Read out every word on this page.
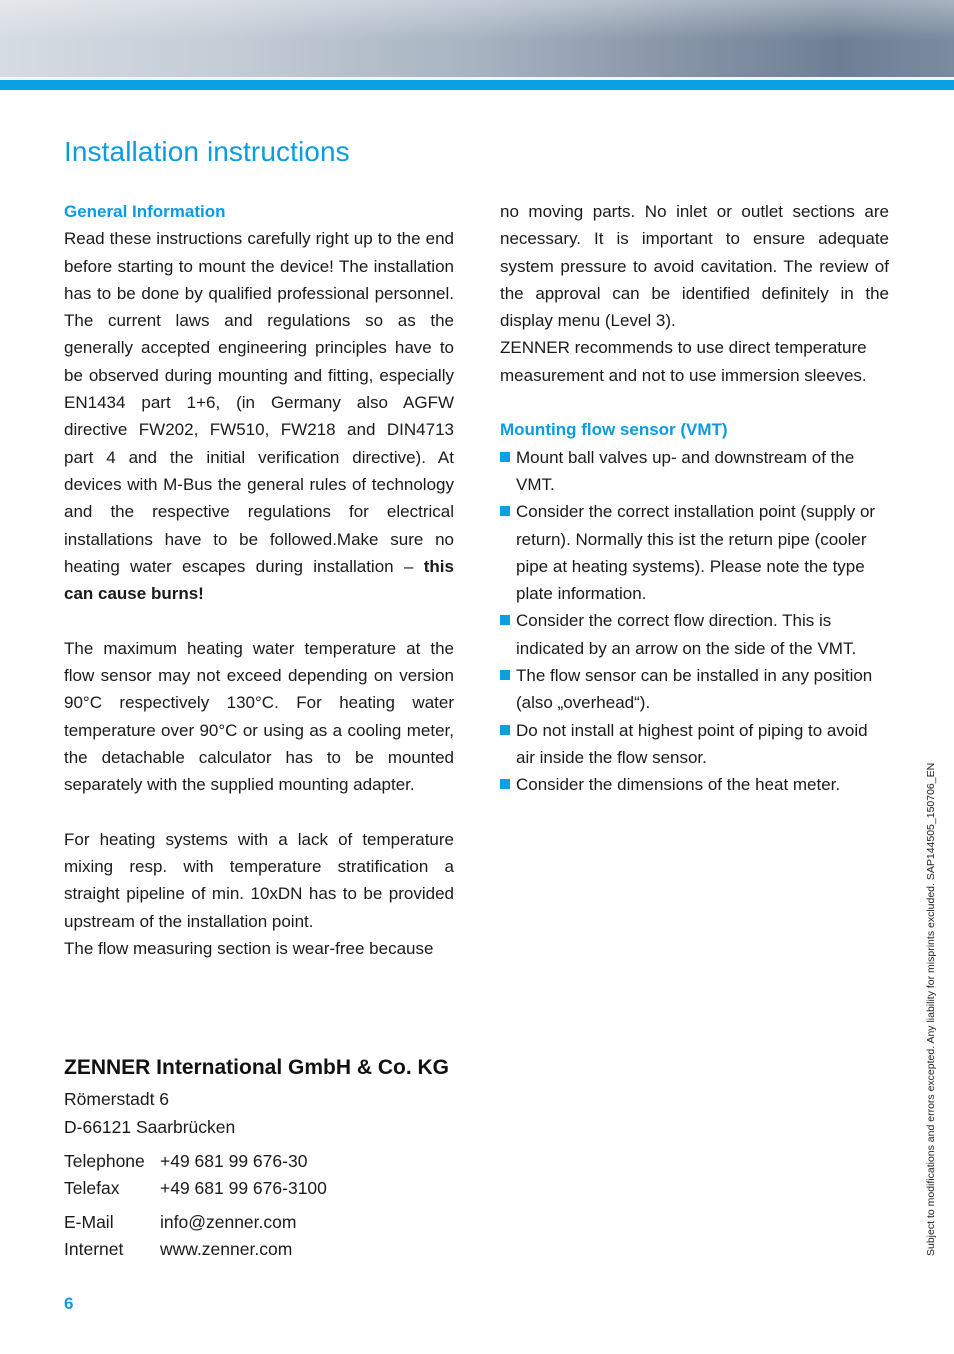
Installation instructions
General Information

Read these instructions carefully right up to the end before starting to mount the device! The installation has to be done by qualified professional personnel. The current laws and regulations so as the generally accepted engineering principles have to be observed during mounting and fitting, especially EN1434 part 1+6, (in Germany also AGFW directive FW202, FW510, FW218 and DIN4713 part 4 and the initial verification directive). At devices with M-Bus the general rules of technology and the respective regulations for electrical installations have to be followed.Make sure no heating water escapes during installation – this can cause burns!

The maximum heating water temperature at the flow sensor may not exceed depending on version 90°C respectively 130°C. For heating water temperature over 90°C or using as a cooling meter, the detachable calculator has to be mounted separately with the supplied mounting adapter.

For heating systems with a lack of temperature mixing resp. with temperature stratification a straight pipeline of min. 10xDN has to be provided upstream of the installation point.

The flow measuring section is wear-free because

no moving parts. No inlet or outlet sections are necessary. It is important to ensure adequate system pressure to avoid cavitation. The review of the approval can be identified definitely in the display menu (Level 3).

ZENNER recommends to use direct temperature measurement and not to use immersion sleeves.

Mounting flow sensor (VMT)
Mount ball valves up- and downstream of the VMT.
Consider the correct installation point (supply or return). Normally this ist the return pipe (cooler pipe at heating systems). Please note the type plate information.
Consider the correct flow direction. This is indicated by an arrow on the side of the VMT.
The flow sensor can be installed in any position (also „overhead“).
Do not install at highest point of piping to avoid air inside the flow sensor.
Consider the dimensions of the heat meter.
ZENNER International GmbH & Co. KG
Römerstadt 6
D-66121 Saarbrücken
Telephone +49 681 99 676-30
Telefax	+49 681 99 676-3100
E-Mail	info@zenner.com
Internet	www.zenner.com
6
Subject to modifications and errors excepted. Any liability for misprints excluded. SAP144505_150706_EN
